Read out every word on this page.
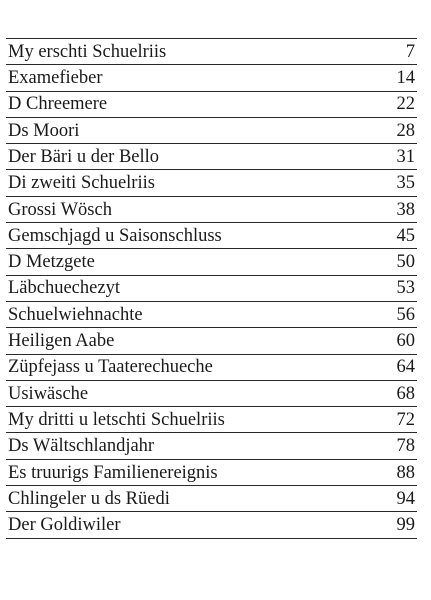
My erschti Schuelriis	7
Examefieber	14
D Chreemere	22
Ds Moori	28
Der Bäri u der Bello	31
Di zweiti Schuelriis	35
Grossi Wösch	38
Gemschjagd u Saisonschluss	45
D Metzgete	50
Läbchuechezyt	53
Schuelwiehnachte	56
Heiligen Aabe	60
Züpfejass u Taaterechueche	64
Usiwäsche	68
My dritti u letschti Schuelriis	72
Ds Wältschlandjahr	78
Es truurigs Familienereignis	88
Chlingeler u ds Rüedi	94
Der Goldiwiler	99
